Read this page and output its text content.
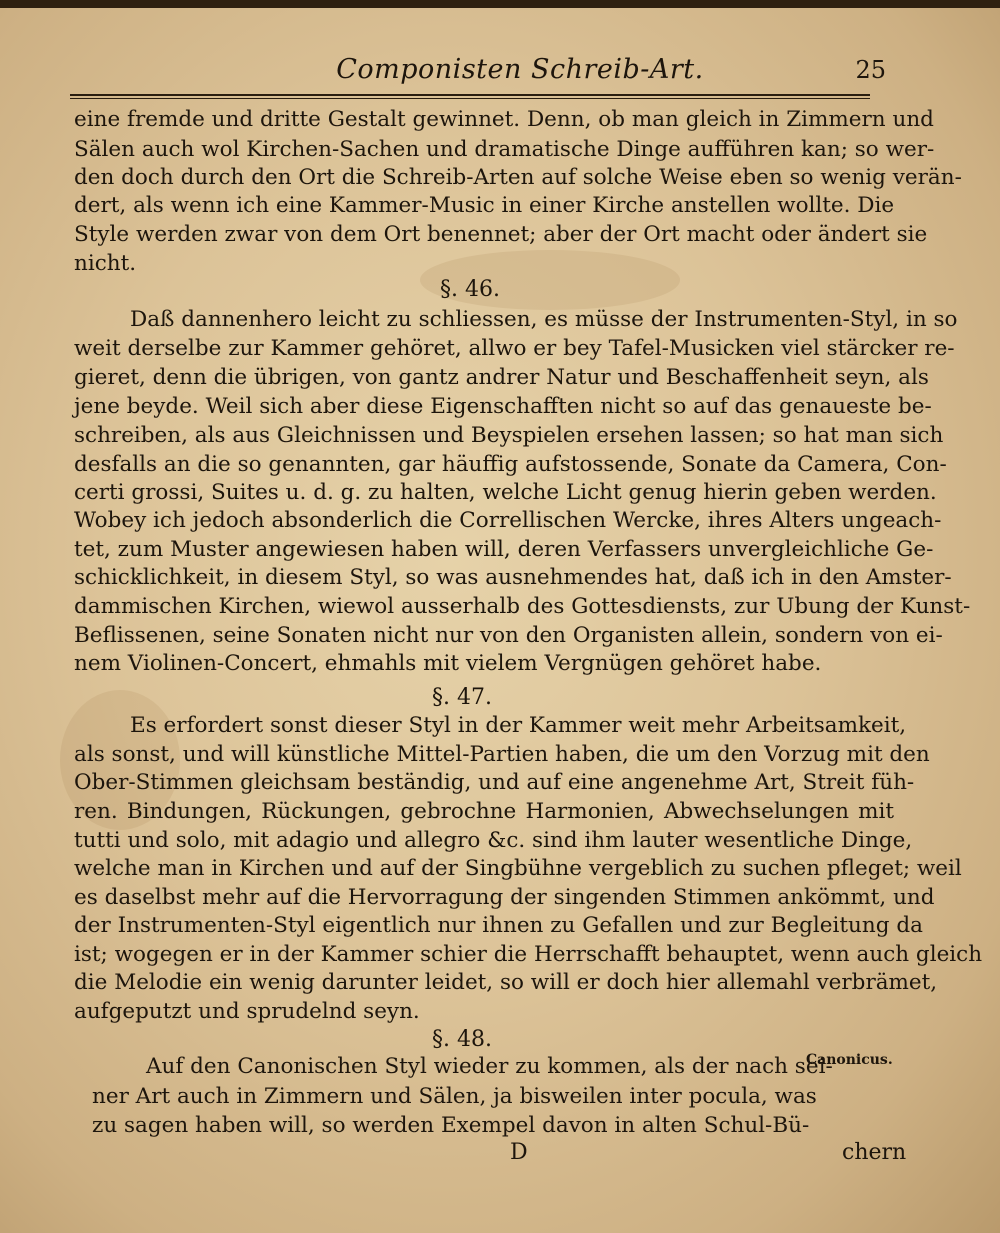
Componisten Schreib-Art.	25
eine fremde und dritte Gestalt gewinnet. Denn, ob man gleich in Zimmern und
Sälen auch wol Kirchen-Sachen und dramatische Dinge aufführen kan; so wer-
den doch durch den Ort die Schreib-Arten auf solche Weise eben so wenig verän-
dert, als wenn ich eine Kammer-Music in einer Kirche anstellen wollte. Die
Style werden zwar von dem Ort benennet; aber der Ort macht oder ändert sie
nicht.
§. 46.
Daß dannenhero leicht zu schliessen, es müsse der Instrumenten-Styl, in so
weit derselbe zur Kammer gehöret, allwo er bey Tafel-Musicken viel stärcker re-
gieret, denn die übrigen, von gantz andrer Natur und Beschaffenheit seyn, als
jene beyde. Weil sich aber diese Eigenschafften nicht so auf das genaueste be-
schreiben, als aus Gleichnissen und Beyspielen ersehen lassen; so hat man sich
desfalls an die so genannten, gar häuffig aufstossende, Sonate da Camera, Con-
certi grossi, Suites u. d. g. zu halten, welche Licht genug hierin geben werden.
Wobey ich jedoch absonderlich die Correllischen Wercke, ihres Alters ungeach-
tet, zum Muster angewiesen haben will, deren Verfassers unvergleichliche Ge-
schicklichkeit, in diesem Styl, so was ausnehmendes hat, daß ich in den Amster-
dammischen Kirchen, wiewol ausserhalb des Gottesdiensts, zur Ubung der Kunst-
Beflissenen, seine Sonaten nicht nur von den Organisten allein, sondern von ei-
nem Violinen-Concert, ehmahls mit vielem Vergnügen gehöret habe.
§. 47.
Es erfordert sonst dieser Styl in der Kammer weit mehr Arbeitsamkeit,
als sonst, und will künstliche Mittel-Partien haben, die um den Vorzug mit den
Ober-Stimmen gleichsam beständig, und auf eine angenehme Art, Streit füh-
ren. Bindungen, Rückungen, gebrochne Harmonien, Abwechselungen mit
tutti und solo, mit adagio und allegro &c. sind ihm lauter wesentliche Dinge,
welche man in Kirchen und auf der Singbühne vergeblich zu suchen pfleget; weil
es daselbst mehr auf die Hervorragung der singenden Stimmen ankömmt, und
der Instrumenten-Styl eigentlich nur ihnen zu Gefallen und zur Begleitung da
ist; wogegen er in der Kammer schier die Herrschafft behauptet, wenn auch gleich
die Melodie ein wenig darunter leidet, so will er doch hier allemahl verbrämet,
aufgeputzt und sprudelnd seyn.
§. 48.
Auf den Canonischen Styl wieder zu kommen, als der nach sei-
ner Art auch in Zimmern und Sälen, ja bisweilen inter pocula, was
zu sagen haben will, so werden Exempel davon in alten Schul-Bü-
Canonicus.
D	chern
